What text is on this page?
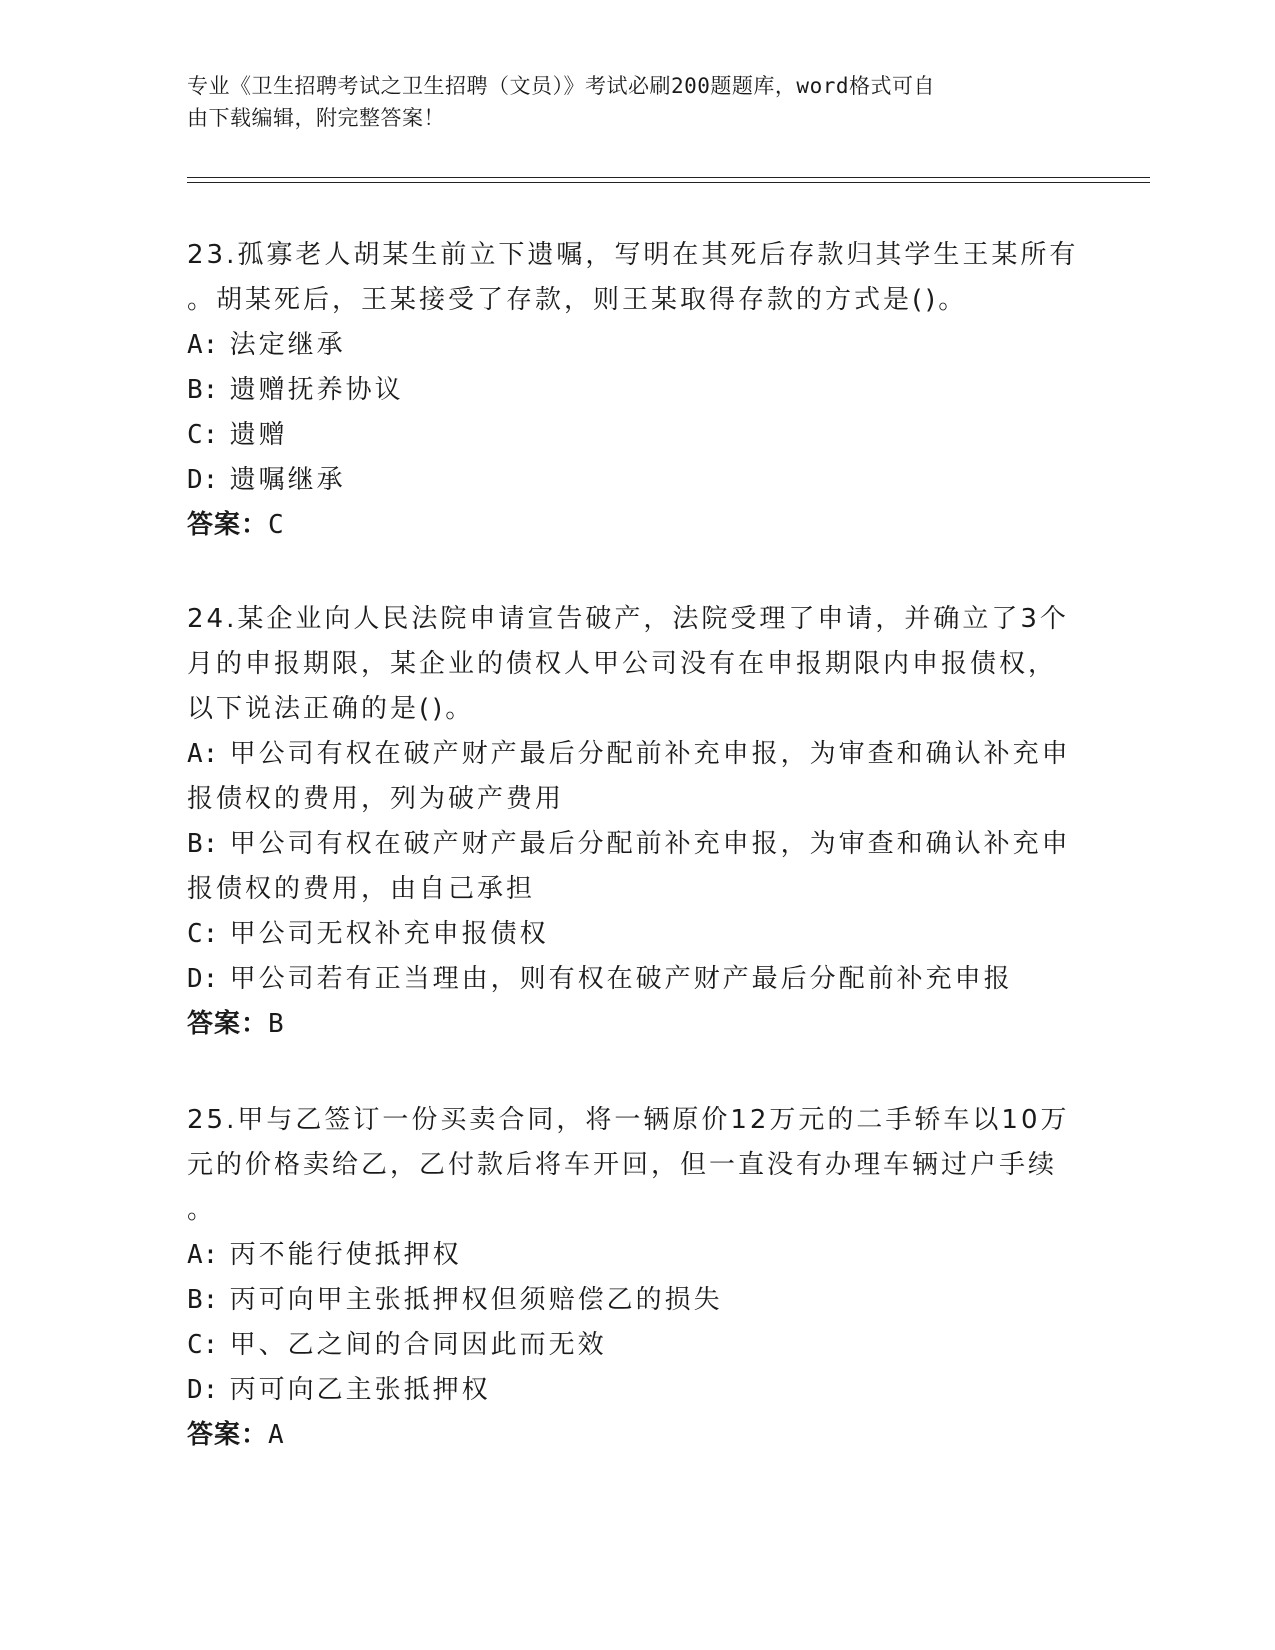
专业《卫生招聘考试之卫生招聘（文员）》考试必刷200题题库，word格式可自
由下载编辑，附完整答案！
23.孤寡老人胡某生前立下遗嘱，写明在其死后存款归其学生王某所有
。胡某死后，王某接受了存款，则王某取得存款的方式是()。
A: 法定继承
B: 遗赠抚养协议
C: 遗赠
D: 遗嘱继承
答案：C
24.某企业向人民法院申请宣告破产，法院受理了申请，并确立了3个
月的申报期限，某企业的债权人甲公司没有在申报期限内申报债权，
以下说法正确的是()。
A: 甲公司有权在破产财产最后分配前补充申报，为审查和确认补充申
报债权的费用，列为破产费用
B: 甲公司有权在破产财产最后分配前补充申报，为审查和确认补充申
报债权的费用，由自己承担
C: 甲公司无权补充申报债权
D: 甲公司若有正当理由，则有权在破产财产最后分配前补充申报
答案：B
25.甲与乙签订一份买卖合同，将一辆原价12万元的二手轿车以10万
元的价格卖给乙，乙付款后将车开回，但一直没有办理车辆过户手续
。
A: 丙不能行使抵押权
B: 丙可向甲主张抵押权但须赔偿乙的损失
C: 甲、乙之间的合同因此而无效
D: 丙可向乙主张抵押权
答案：A
